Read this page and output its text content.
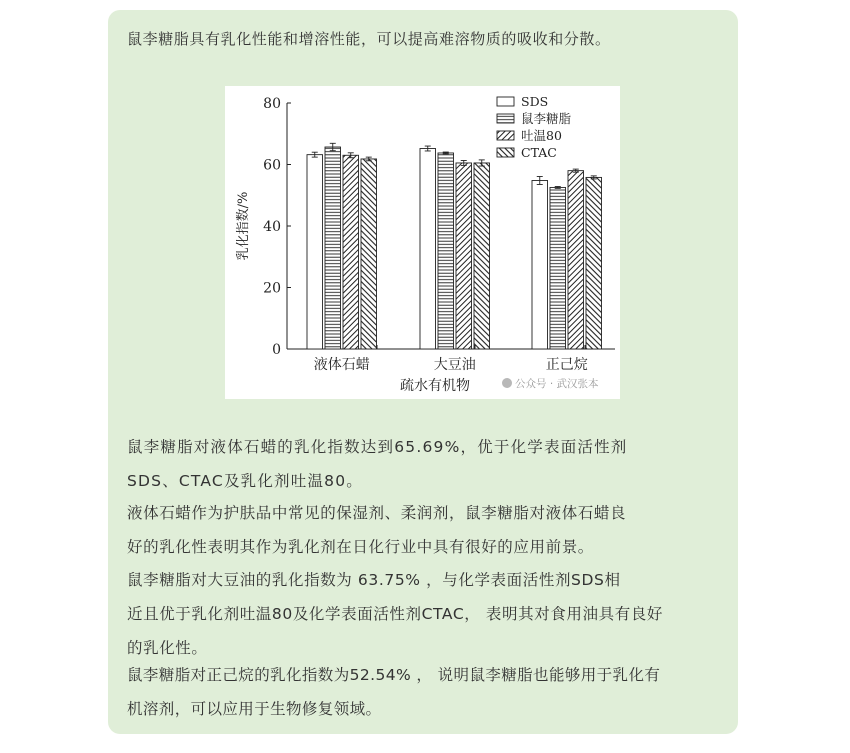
鼠李糖脂具有乳化性能和增溶性能，可以提高难溶物质的吸收和分散。

0
20
40
60
80
乳化指数/%
液体石蜡	大豆油	正己烷
疏水有机物
SDS
鼠李糖脂
吐温80
CTAC
公众号 · 武汉张本
鼠李糖脂对液体石蜡的乳化指数达到65.69%，优于化学表面活性剂
SDS、CTAC及乳化剂吐温80。
液体石蜡作为护肤品中常见的保湿剂、柔润剂，鼠李糖脂对液体石蜡良
好的乳化性表明其作为乳化剂在日化行业中具有很好的应用前景。
鼠李糖脂对大豆油的乳化指数为 63.75% ，与化学表面活性剂SDS相
近且优于乳化剂吐温80及化学表面活性剂CTAC， 表明其对食用油具有良好
的乳化性。
鼠李糖脂对正己烷的乳化指数为52.54% ， 说明鼠李糖脂也能够用于乳化有
机溶剂，可以应用于生物修复领域。
